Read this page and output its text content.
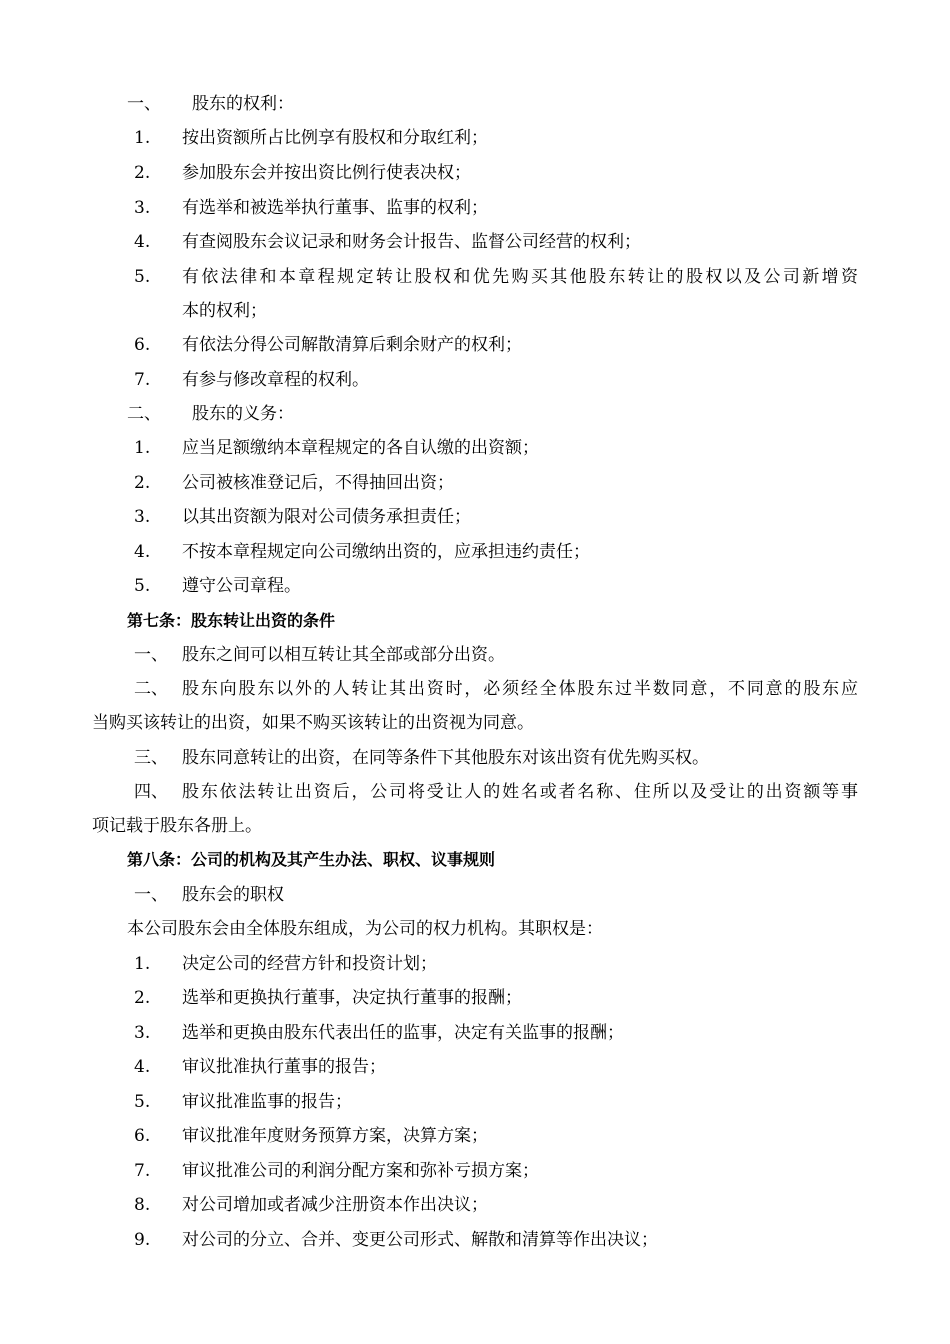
一、 股东的权利：
1. 按出资额所占比例享有股权和分取红利；
2. 参加股东会并按出资比例行使表决权；
3. 有选举和被选举执行董事、监事的权利；
4. 有查阅股东会议记录和财务会计报告、监督公司经营的权利；
5. 有依法律和本章程规定转让股权和优先购买其他股东转让的股权以及公司新增资
本的权利；
6. 有依法分得公司解散清算后剩余财产的权利；
7. 有参与修改章程的权利。
二、 股东的义务：
1. 应当足额缴纳本章程规定的各自认缴的出资额；
2. 公司被核准登记后，不得抽回出资；
3. 以其出资额为限对公司债务承担责任；
4. 不按本章程规定向公司缴纳出资的，应承担违约责任；
5. 遵守公司章程。
第七条：股东转让出资的条件
一、 股东之间可以相互转让其全部或部分出资。
二、 股东向股东以外的人转让其出资时，必须经全体股东过半数同意，不同意的股东应
当购买该转让的出资，如果不购买该转让的出资视为同意。
三、 股东同意转让的出资，在同等条件下其他股东对该出资有优先购买权。
四、 股东依法转让出资后，公司将受让人的姓名或者名称、住所以及受让的出资额等事
项记载于股东各册上。
第八条：公司的机构及其产生办法、职权、议事规则
一、 股东会的职权
本公司股东会由全体股东组成，为公司的权力机构。其职权是：
1. 决定公司的经营方针和投资计划；
2. 选举和更换执行董事，决定执行董事的报酬；
3. 选举和更换由股东代表出任的监事，决定有关监事的报酬；
4. 审议批准执行董事的报告；
5. 审议批准监事的报告；
6. 审议批准年度财务预算方案，决算方案；
7. 审议批准公司的利润分配方案和弥补亏损方案；
8. 对公司增加或者减少注册资本作出决议；
9. 对公司的分立、合并、变更公司形式、解散和清算等作出决议；
